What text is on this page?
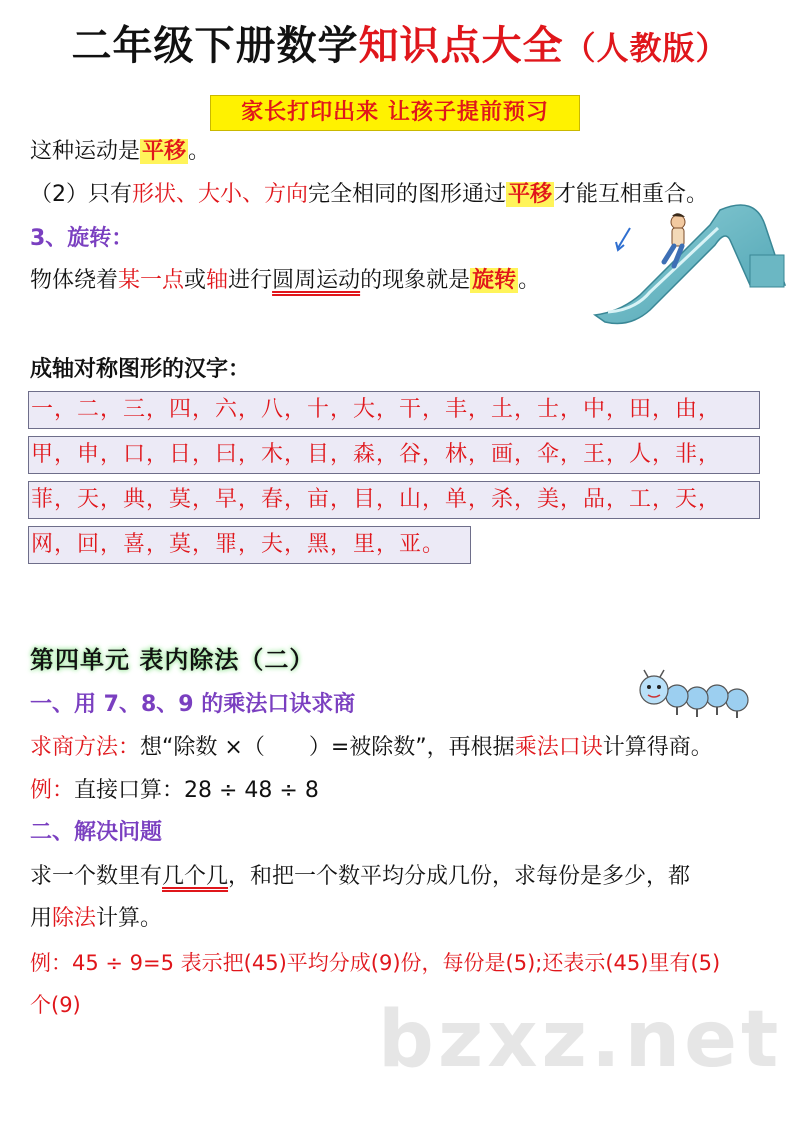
二年级下册数学知识点大全（人教版）
家长打印出来 让孩子提前预习
这种运动是平移。
（2）只有形状、大小、方向完全相同的图形通过平移才能互相重合。
3、旋转：
物体绕着某一点或轴进行圆周运动的现象就是旋转。
成轴对称图形的汉字：
一，二，三，四，六，八，十，大，干，丰，土，士，中，田，由，
甲，申，口，日，曰，木，目，森，谷，林，画，伞，王，人，非，
菲，天，典，莫，早，春，亩，目，山，单，杀，美，品，工，天，
网，回，喜，莫，罪，夫，黑，里，亚。
第四单元 表内除法（二）
一、用 7、8、9 的乘法口诀求商
求商方法：想“除数 ×（　　）=被除数”，再根据乘法口诀计算得商。
例：直接口算：28 ÷ 48 ÷ 8
二、解决问题
求一个数里有几个几，和把一个数平均分成几份，求每份是多少，都
用除法计算。
例：45 ÷ 9=5 表示把(45)平均分成(9)份，每份是(5);还表示(45)里有(5)
个(9)	bzxz.net
